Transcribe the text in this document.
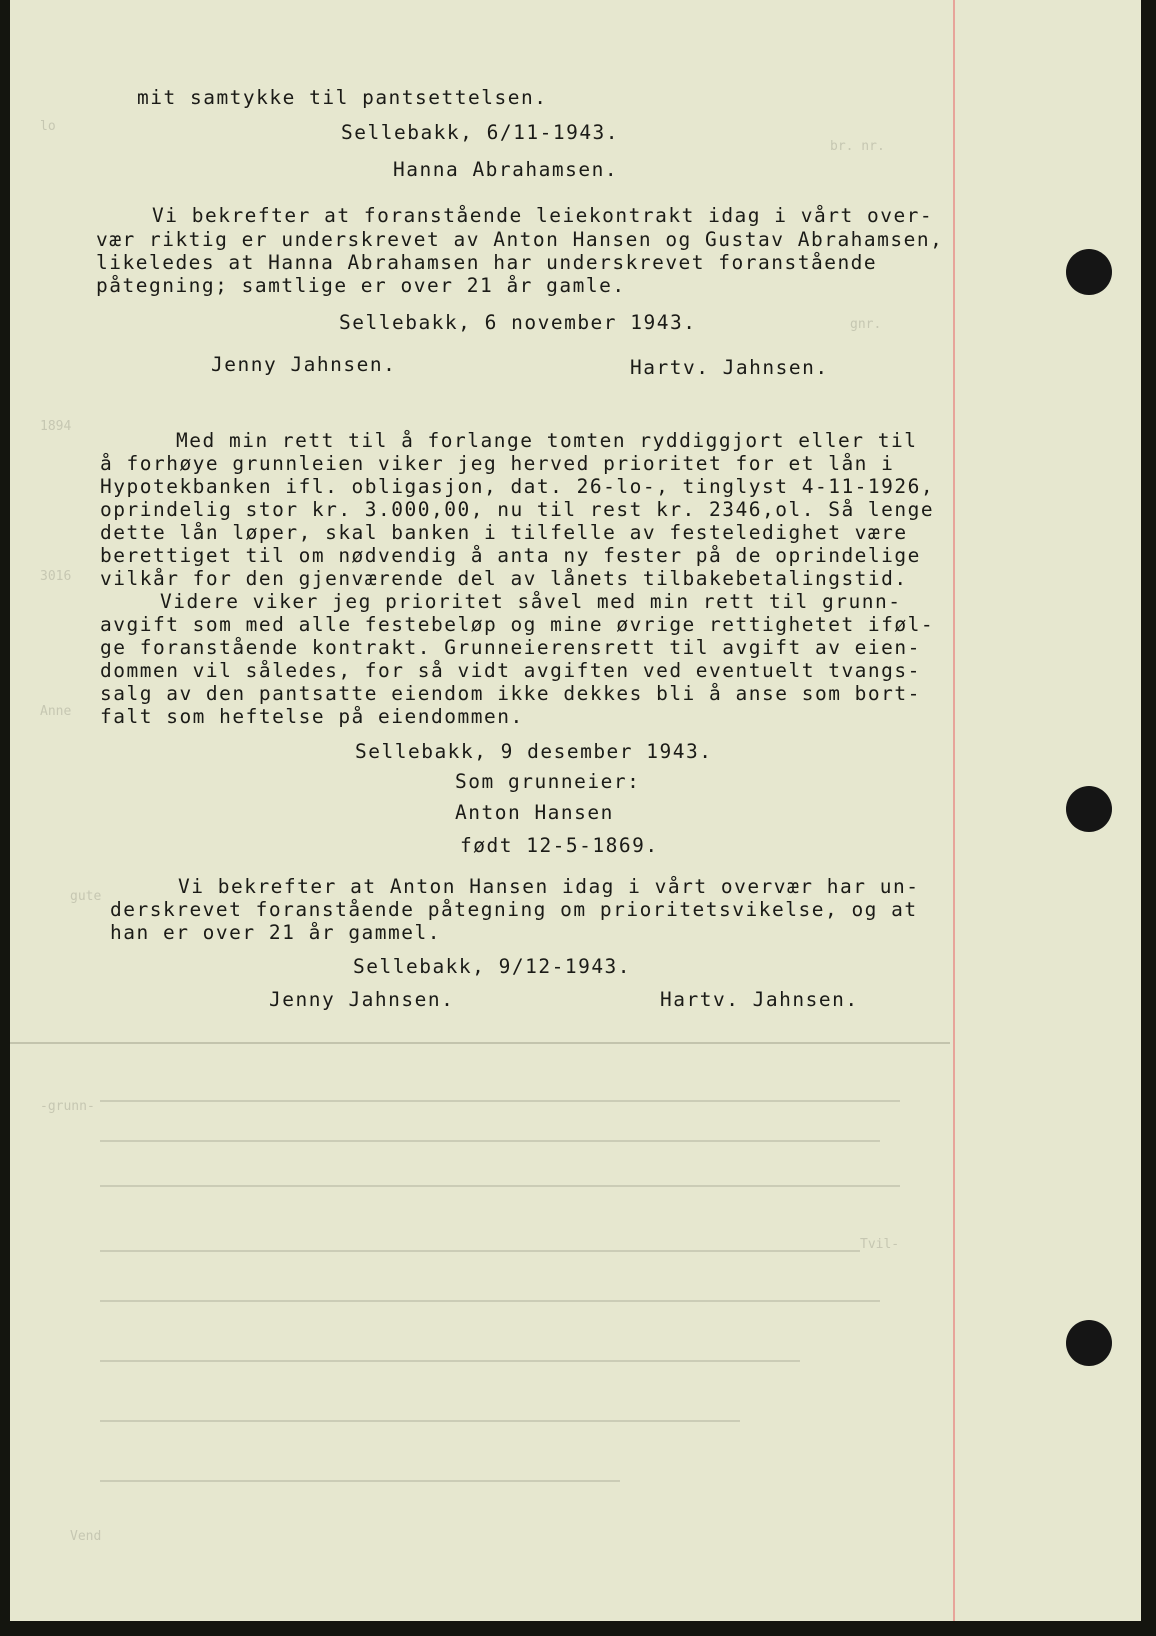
lo
br. nr.
1894
3016
Anne
gnr.
gute
Tvil-
-grunn-
Vend
mit samtykke til pantsettelsen.
Sellebakk, 6/11-1943.
Hanna Abrahamsen.
Vi bekrefter at foranstående leiekontrakt idag i vårt over-
vær riktig er underskrevet av Anton Hansen og Gustav Abrahamsen,
likeledes at Hanna Abrahamsen har underskrevet foranstående
påtegning; samtlige er over 21 år gamle.
Sellebakk, 6 november 1943.
Jenny Jahnsen.	Hartv. Jahnsen.
Med min rett til å forlange tomten ryddiggjort eller til
å forhøye grunnleien viker jeg herved prioritet for et lån i
Hypotekbanken ifl. obligasjon, dat. 26-lo-, tinglyst 4-11-1926,
oprindelig stor kr. 3.000,00, nu til rest kr. 2346,ol. Så lenge
dette lån løper, skal banken i tilfelle av festeledighet være
berettiget til om nødvendig å anta ny fester på de oprindelige
vilkår for den gjenværende del av lånets tilbakebetalingstid.
Videre viker jeg prioritet såvel med min rett til grunn-
avgift som med alle festebeløp og mine øvrige rettighetet iføl-
ge foranstående kontrakt. Grunneierensrett til avgift av eien-
dommen vil således, for så vidt avgiften ved eventuelt tvangs-
salg av den pantsatte eiendom ikke dekkes bli å anse som bort-
falt som heftelse på eiendommen.
Sellebakk, 9 desember 1943.
Som grunneier:
Anton Hansen
født 12-5-1869.
Vi bekrefter at Anton Hansen idag i vårt overvær har un-
derskrevet foranstående påtegning om prioritetsvikelse, og at
han er over 21 år gammel.
Sellebakk, 9/12-1943.
Jenny Jahnsen.	Hartv. Jahnsen.
